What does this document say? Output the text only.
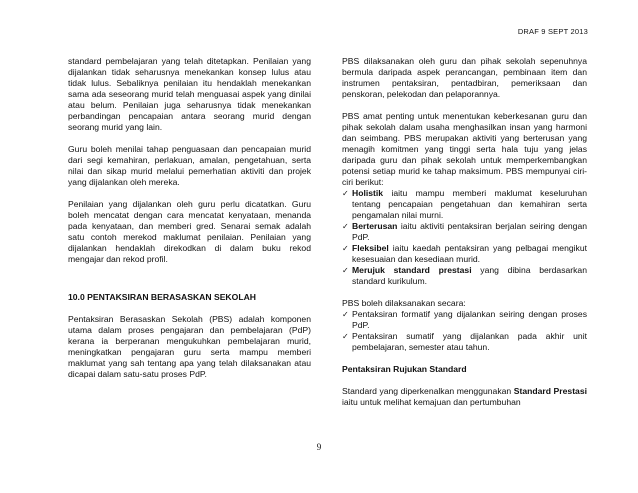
DRAF 9 SEPT 2013

standard pembelajaran yang telah ditetapkan. Penilaian yang dijalankan tidak seharusnya menekankan konsep lulus atau tidak lulus. Sebaliknya penilaian itu hendaklah menekankan sama ada seseorang murid telah menguasai aspek yang dinilai atau belum. Penilaian juga seharusnya tidak menekankan perbandingan pencapaian antara seorang murid dengan seorang murid yang lain.

Guru boleh menilai tahap penguasaan dan pencapaian murid dari segi kemahiran, perlakuan, amalan, pengetahuan, serta nilai dan sikap murid melalui pemerhatian aktiviti dan projek yang dijalankan oleh mereka.

Penilaian yang dijalankan oleh guru perlu dicatatkan. Guru boleh mencatat dengan cara mencatat kenyataan, menanda pada kenyataan, dan memberi gred. Senarai semak adalah satu contoh merekod maklumat penilaian. Penilaian yang dijalankan hendaklah direkodkan di dalam buku rekod mengajar dan rekod profil.

10.0 PENTAKSIRAN BERASASKAN SEKOLAH

Pentaksiran Berasaskan Sekolah (PBS) adalah komponen utama dalam proses pengajaran dan pembelajaran (PdP) kerana ia berperanan mengukuhkan pembelajaran murid, meningkatkan pengajaran guru serta mampu memberi maklumat yang sah tentang apa yang telah dilaksanakan atau dicapai dalam satu-satu proses PdP.

PBS dilaksanakan oleh guru dan pihak sekolah sepenuhnya bermula daripada aspek perancangan, pembinaan item dan instrumen pentaksiran, pentadbiran, pemeriksaan dan penskoran, pelekodan dan pelaporannya.

PBS amat penting untuk menentukan keberkesanan guru dan pihak sekolah dalam usaha menghasilkan insan yang harmoni dan seimbang. PBS merupakan aktiviti yang berterusan yang menagih komitmen yang tinggi serta hala tuju yang jelas daripada guru dan pihak sekolah untuk memperkembangkan potensi setiap murid ke tahap maksimum. PBS mempunyai ciri-ciri berikut:

✓ Holistik iaitu mampu memberi maklumat keseluruhan tentang pencapaian pengetahuan dan kemahiran serta pengamalan nilai murni.
✓ Berterusan iaitu aktiviti pentaksiran berjalan seiring dengan PdP.
✓ Fleksibel iaitu kaedah pentaksiran yang pelbagai mengikut kesesuaian dan kesediaan murid.
✓ Merujuk standard prestasi yang dibina berdasarkan standard kurikulum.

PBS boleh dilaksanakan secara:

✓ Pentaksiran formatif yang dijalankan seiring dengan proses PdP.
✓ Pentaksiran sumatif yang dijalankan pada akhir unit pembelajaran, semester atau tahun.

Pentaksiran Rujukan Standard

Standard yang diperkenalkan menggunakan Standard Prestasi iaitu untuk melihat kemajuan dan pertumbuhan

9
